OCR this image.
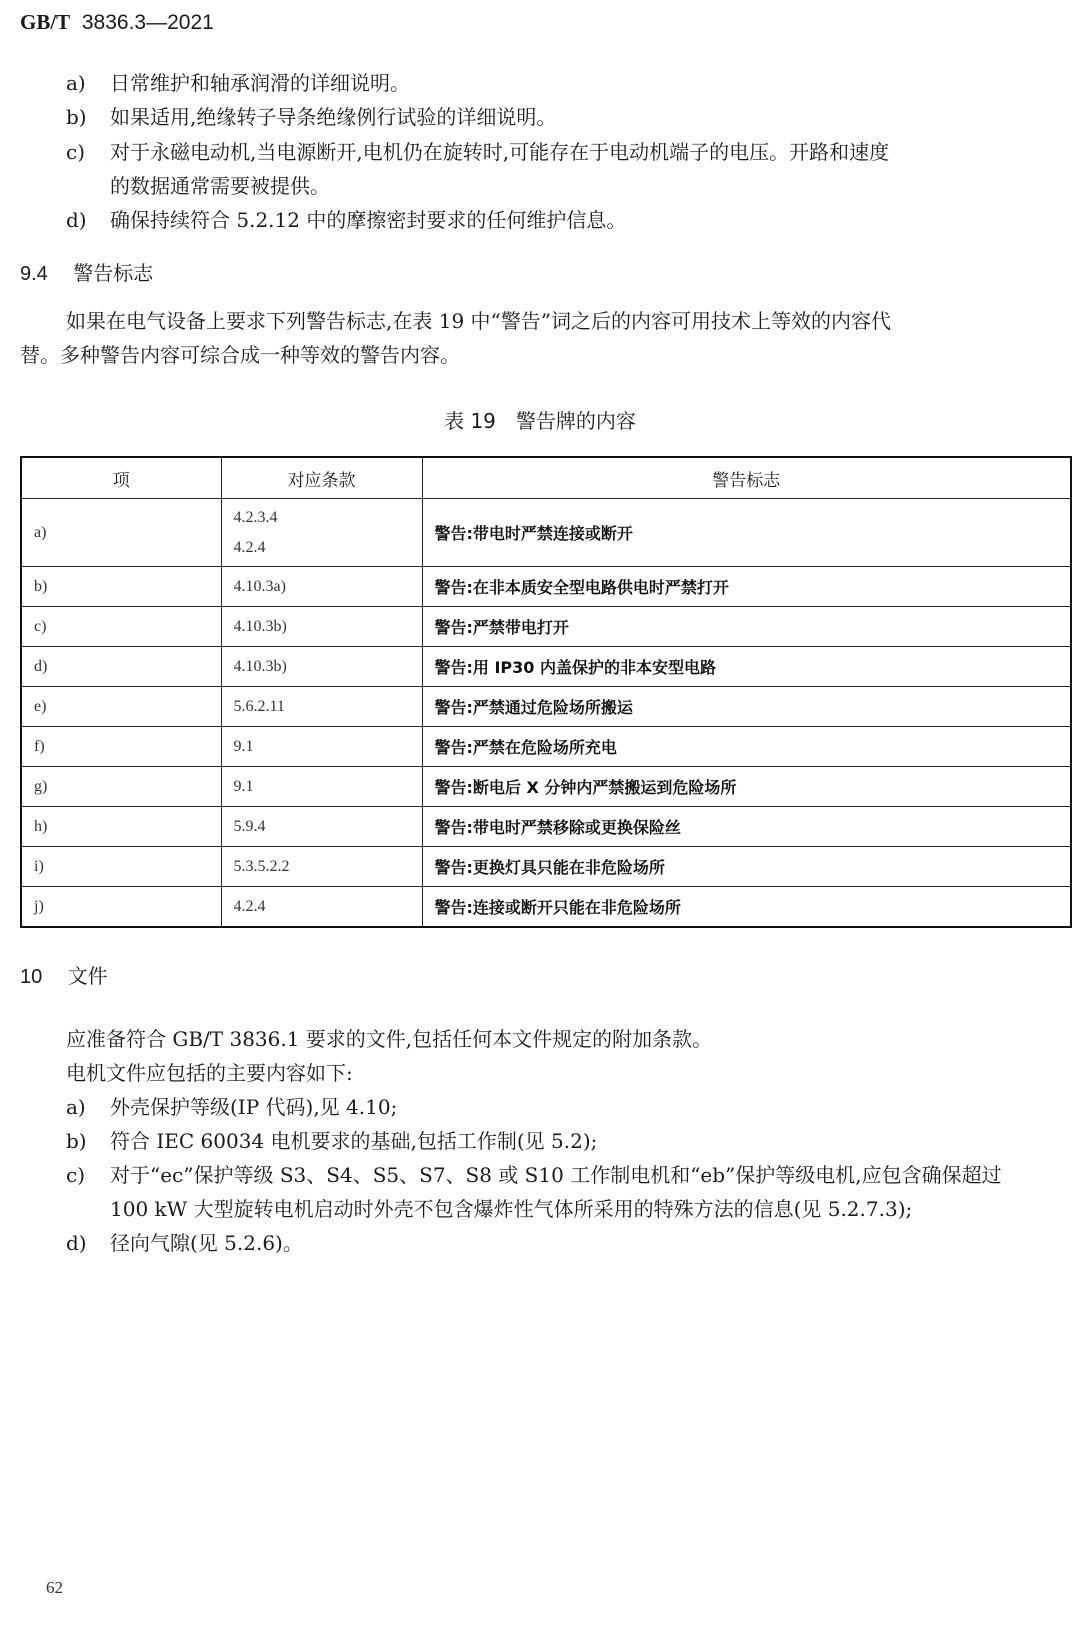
GB/T 3836.3—2021
a) 日常维护和轴承润滑的详细说明。
b) 如果适用,绝缘转子导条绝缘例行试验的详细说明。
c) 对于永磁电动机,当电源断开,电机仍在旋转时,可能存在于电动机端子的电压。开路和速度
的数据通常需要被提供。
d) 确保持续符合 5.2.12 中的摩擦密封要求的任何维护信息。
9.4 警告标志
如果在电气设备上要求下列警告标志,在表 19 中“警告”词之后的内容可用技术上等效的内容代
替。多种警告内容可综合成一种等效的警告内容。
表 19　警告牌的内容
项	对应条款	警告标志
a)	4.2.3.4
4.2.4	警告:带电时严禁连接或断开
b)	4.10.3a)	警告:在非本质安全型电路供电时严禁打开
c)	4.10.3b)	警告:严禁带电打开
d)	4.10.3b)	警告:用 IP30 内盖保护的非本安型电路
e)	5.6.2.11	警告:严禁通过危险场所搬运
f)	9.1	警告:严禁在危险场所充电
g)	9.1	警告:断电后 X 分钟内严禁搬运到危险场所
h)	5.9.4	警告:带电时严禁移除或更换保险丝
i)	5.3.5.2.2	警告:更换灯具只能在非危险场所
j)	4.2.4	警告:连接或断开只能在非危险场所
10 文件
应准备符合 GB/T 3836.1 要求的文件,包括任何本文件规定的附加条款。
电机文件应包括的主要内容如下:
a) 外壳保护等级(IP 代码),见 4.10;
b) 符合 IEC 60034 电机要求的基础,包括工作制(见 5.2);
c) 对于“ec”保护等级 S3、S4、S5、S7、S8 或 S10 工作制电机和“eb”保护等级电机,应包含确保超过
100 kW 大型旋转电机启动时外壳不包含爆炸性气体所采用的特殊方法的信息(见 5.2.7.3);
d) 径向气隙(见 5.2.6)。
62
